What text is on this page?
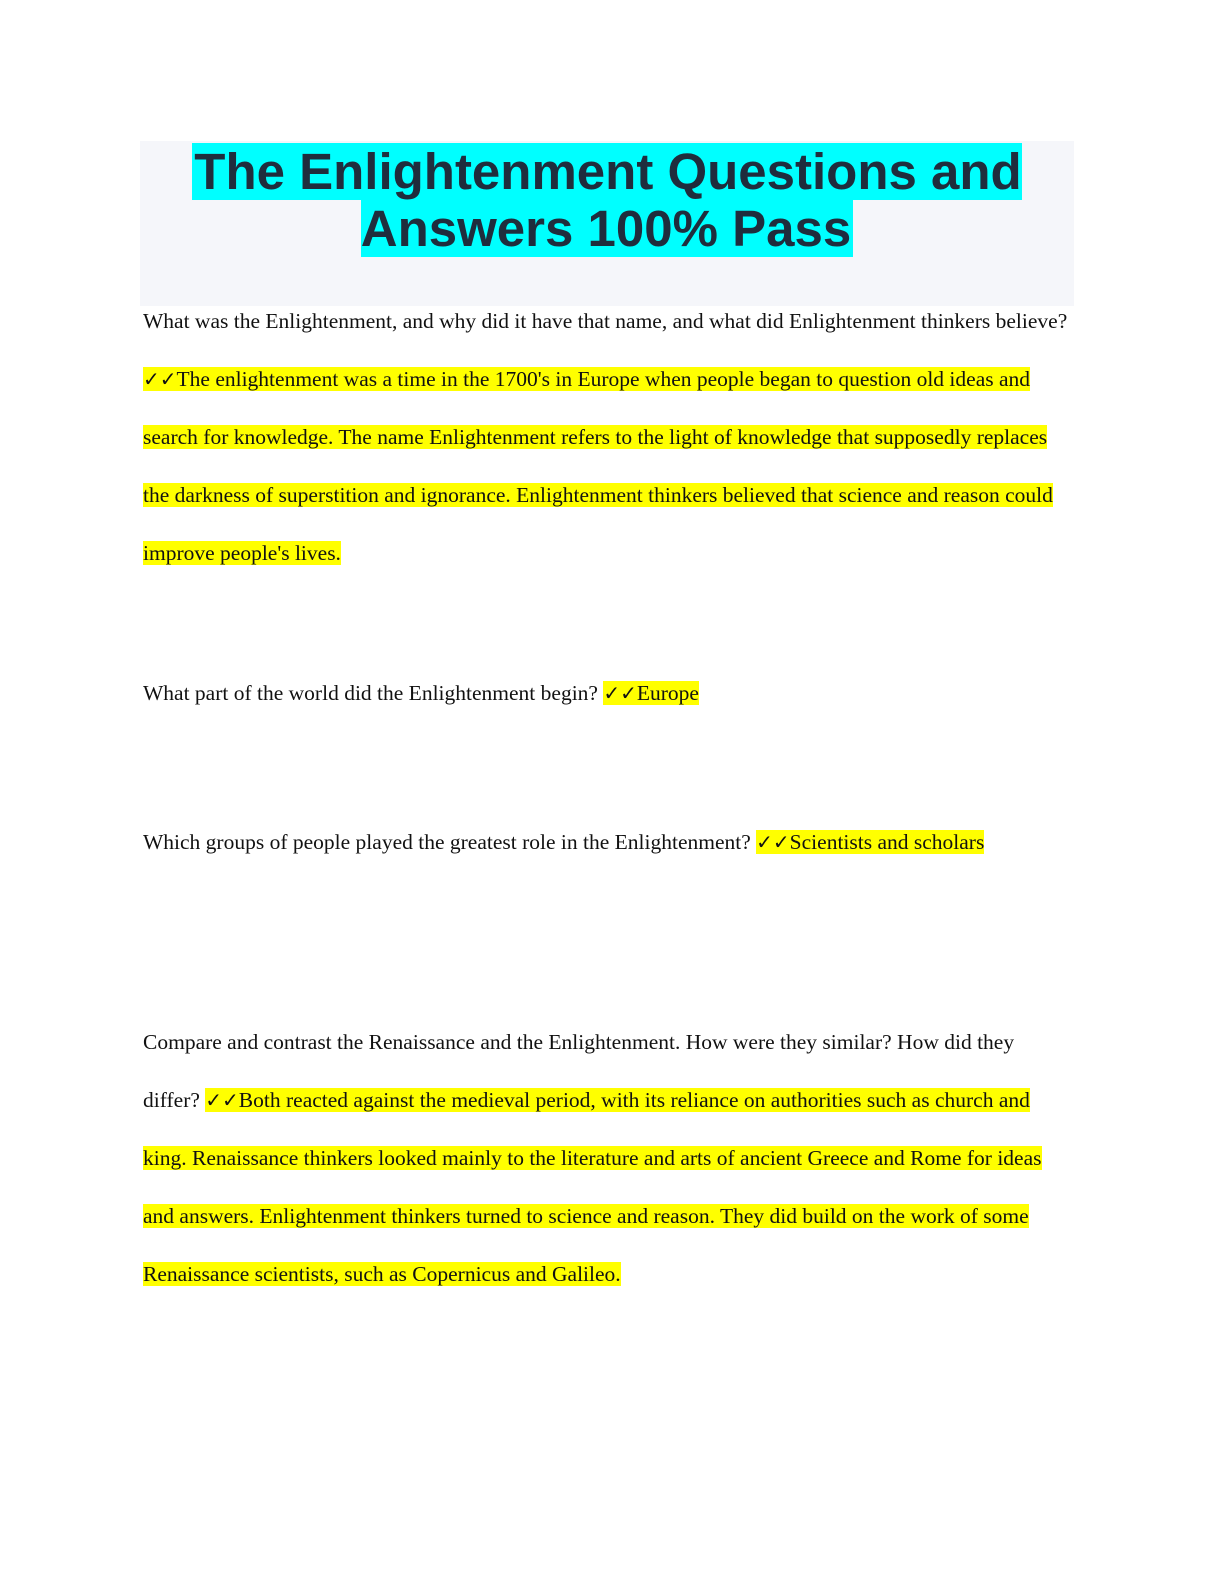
The Enlightenment Questions and Answers 100% Pass

What was the Enlightenment, and why did it have that name, and what did Enlightenment thinkers believe? ✓✓The enlightenment was a time in the 1700's in Europe when people began to question old ideas and search for knowledge. The name Enlightenment refers to the light of knowledge that supposedly replaces the darkness of superstition and ignorance. Enlightenment thinkers believed that science and reason could improve people's lives.

What part of the world did the Enlightenment begin? ✓✓Europe

Which groups of people played the greatest role in the Enlightenment? ✓✓Scientists and scholars

Compare and contrast the Renaissance and the Enlightenment. How were they similar? How did they differ? ✓✓Both reacted against the medieval period, with its reliance on authorities such as church and king. Renaissance thinkers looked mainly to the literature and arts of ancient Greece and Rome for ideas and answers. Enlightenment thinkers turned to science and reason. They did build on the work of some Renaissance scientists, such as Copernicus and Galileo.
